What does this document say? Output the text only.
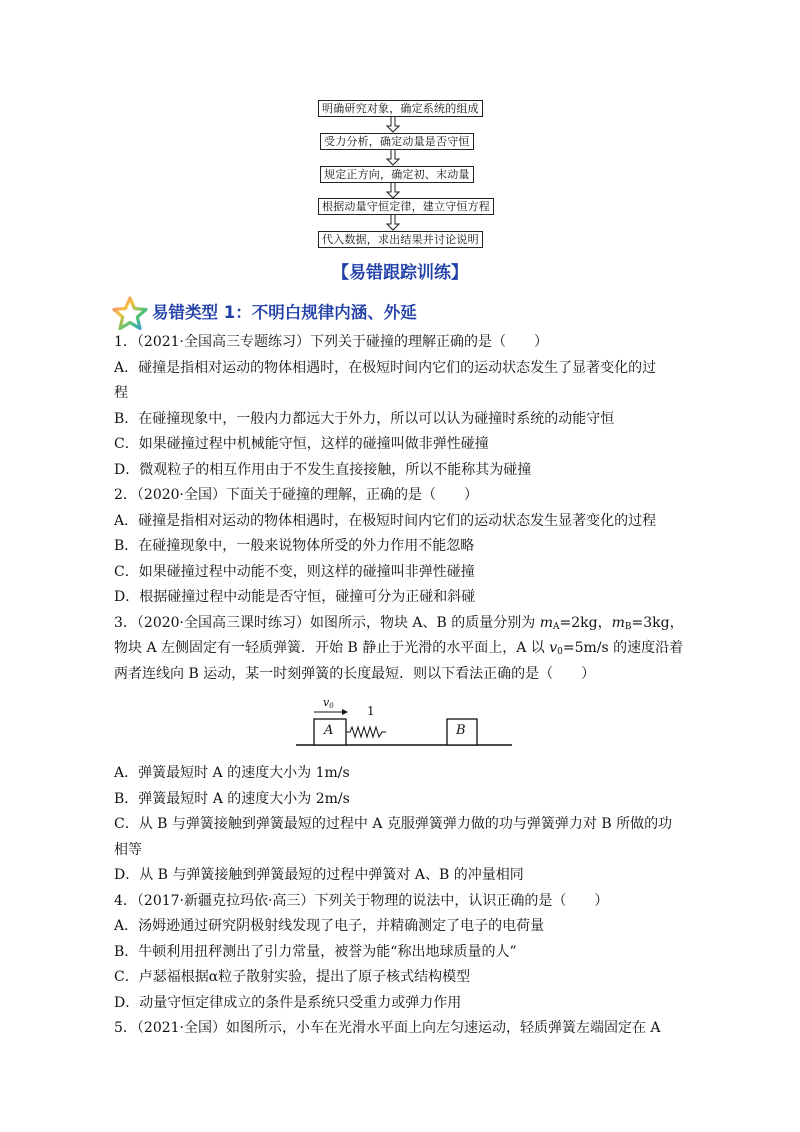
明确研究对象，确定系统的组成
受力分析，确定动量是否守恒
规定正方向，确定初、末动量
根据动量守恒定律，建立守恒方程
代入数据，求出结果并讨论说明
【易错跟踪训练】
易错类型 1：不明白规律内涵、外延
1．（2021·全国高三专题练习）下列关于碰撞的理解正确的是（　　）
A．碰撞是指相对运动的物体相遇时，在极短时间内它们的运动状态发生了显著变化的过
程
B．在碰撞现象中，一般内力都远大于外力，所以可以认为碰撞时系统的动能守恒
C．如果碰撞过程中机械能守恒，这样的碰撞叫做非弹性碰撞
D．微观粒子的相互作用由于不发生直接接触，所以不能称其为碰撞
2．（2020·全国）下面关于碰撞的理解，正确的是（　　）
A．碰撞是指相对运动的物体相遇时，在极短时间内它们的运动状态发生显著变化的过程
B．在碰撞现象中，一般来说物体所受的外力作用不能忽略
C．如果碰撞过程中动能不变，则这样的碰撞叫非弹性碰撞
D．根据碰撞过程中动能是否守恒，碰撞可分为正碰和斜碰
3．（2020·全国高三课时练习）如图所示，物块 A、B 的质量分别为 $m_A=2kg$，$m_B=3kg$，
物块 A 左侧固定有一轻质弹簧．开始 B 静止于光滑的水平面上，A 以 $v_0=5m/s$ 的速度沿着
两者连线向 B 运动，某一时刻弹簧的长度最短．则以下看法正确的是（　　）
$v_0$	1
A	B
A．弹簧最短时 A 的速度大小为 1m/s
B．弹簧最短时 A 的速度大小为 2m/s
C．从 B 与弹簧接触到弹簧最短的过程中 A 克服弹簧弹力做的功与弹簧弹力对 B 所做的功
相等
D．从 B 与弹簧接触到弹簧最短的过程中弹簧对 A、B 的冲量相同
4．（2017·新疆克拉玛依·高三）下列关于物理的说法中，认识正确的是（　　）
A．汤姆逊通过研究阴极射线发现了电子，并精确测定了电子的电荷量
B．牛顿利用扭秤测出了引力常量，被誉为能“称出地球质量的人”
C．卢瑟福根据α粒子散射实验，提出了原子核式结构模型
D．动量守恒定律成立的条件是系统只受重力或弹力作用
5．（2021·全国）如图所示，小车在光滑水平面上向左匀速运动，轻质弹簧左端固定在 A
